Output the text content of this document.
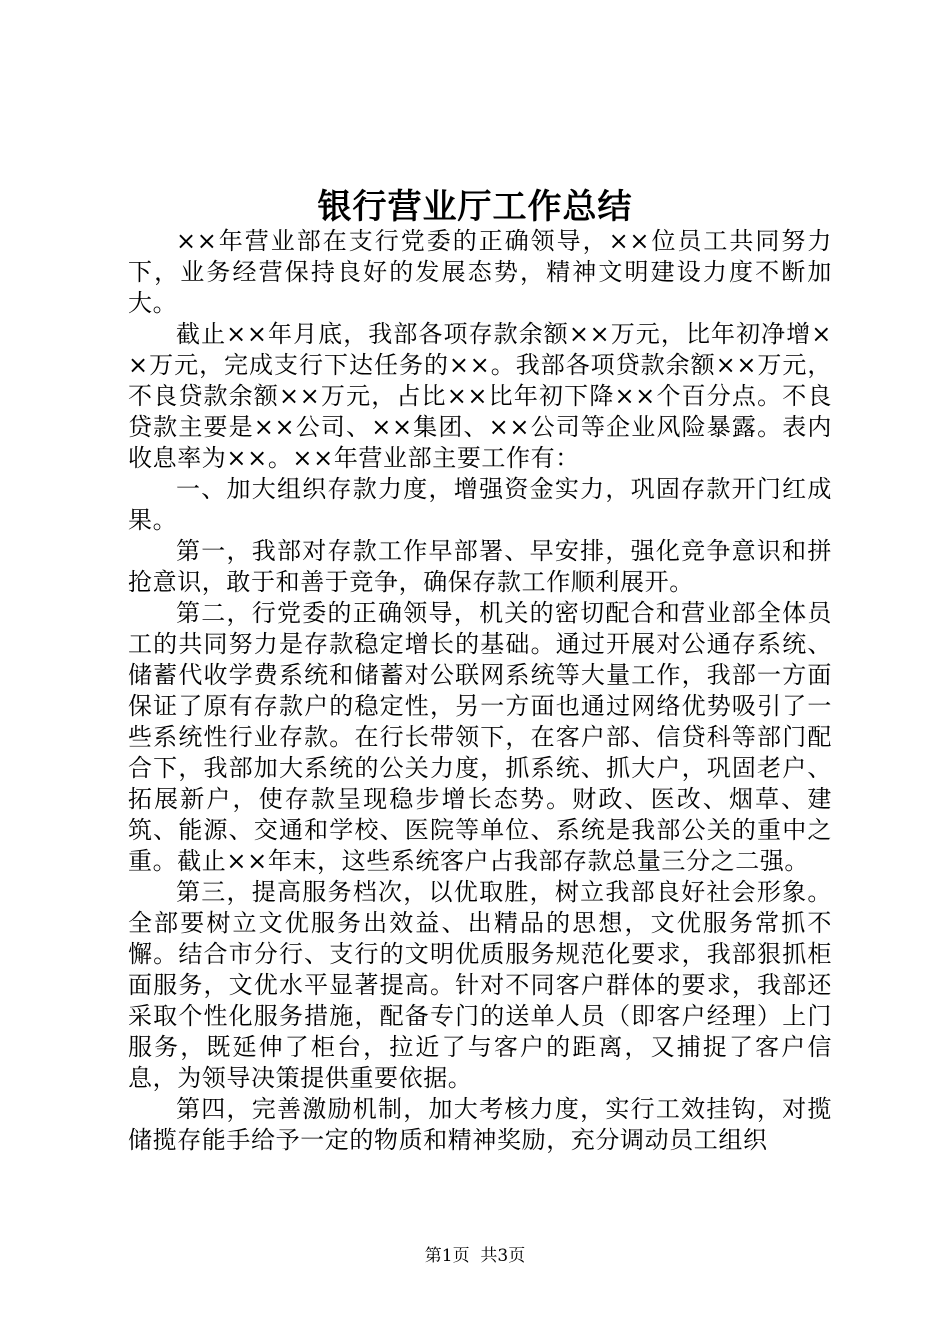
银行营业厅工作总结

××年营业部在支行党委的正确领导，××位员工共同努力下，业务经营保持良好的发展态势，精神文明建设力度不断加大。

截止××年月底，我部各项存款余额××万元，比年初净增××万元，完成支行下达任务的××。我部各项贷款余额××万元，不良贷款余额××万元，占比××比年初下降××个百分点。不良贷款主要是××公司、××集团、××公司等企业风险暴露。表内收息率为××。××年营业部主要工作有：

一、加大组织存款力度，增强资金实力，巩固存款开门红成果。

第一，我部对存款工作早部署、早安排，强化竞争意识和拼抢意识，敢于和善于竞争，确保存款工作顺利展开。

第二，行党委的正确领导，机关的密切配合和营业部全体员工的共同努力是存款稳定增长的基础。通过开展对公通存系统、储蓄代收学费系统和储蓄对公联网系统等大量工作，我部一方面保证了原有存款户的稳定性，另一方面也通过网络优势吸引了一些系统性行业存款。在行长带领下，在客户部、信贷科等部门配合下，我部加大系统的公关力度，抓系统、抓大户，巩固老户、拓展新户，使存款呈现稳步增长态势。财政、医改、烟草、建筑、能源、交通和学校、医院等单位、系统是我部公关的重中之重。截止××年末，这些系统客户占我部存款总量三分之二强。

第三，提高服务档次，以优取胜，树立我部良好社会形象。全部要树立文优服务出效益、出精品的思想，文优服务常抓不懈。结合市分行、支行的文明优质服务规范化要求，我部狠抓柜面服务，文优水平显著提高。针对不同客户群体的要求，我部还采取个性化服务措施，配备专门的送单人员（即客户经理）上门服务，既延伸了柜台，拉近了与客户的距离，又捕捉了客户信息，为领导决策提供重要依据。

第四，完善激励机制，加大考核力度，实行工效挂钩，对揽储揽存能手给予一定的物质和精神奖励，充分调动员工组织

第1页 共3页
